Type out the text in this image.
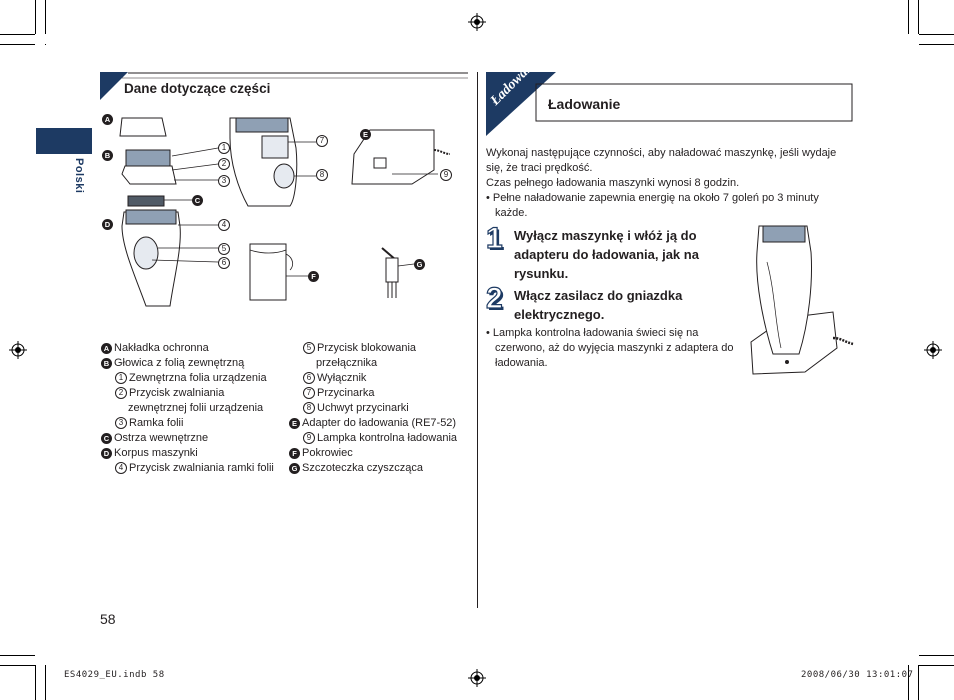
Polski
Dane dotyczące części
A
B
C
D
E
F
G
1
2
3
4
5
6
7
8	9
A Nakładka ochronna
B Głowica z folią zewnętrzną
1 Zewnętrzna folia urządzenia
2 Przycisk zwalniania
zewnętrznej folii urządzenia
3 Ramka folii
C Ostrza wewnętrzne
D Korpus maszynki
4 Przycisk zwalniania ramki folii
5 Przycisk blokowania
przełącznika
6 Wyłącznik
7 Przycinarka
8 Uchwyt przycinarki
E Adapter do ładowania (RE7-52)
9 Lampka kontrolna ładowania
F Pokrowiec
G Szczoteczka czyszcząca
Ładowanie Ładowanie
Wykonaj następujące czynności, aby naładować maszynkę, jeśli wydaje
się, że traci prędkość.
Czas pełnego ładowania maszynki wynosi 8 godzin.
• Pełne naładowanie zapewnia energię na około 7 goleń po 3 minuty
każde.
1 Wyłącz maszynkę i włóż ją do
adapteru do ładowania, jak na
rysunku.
2 Włącz zasilacz do gniazdka
elektrycznego.
• Lampka kontrolna ładowania świeci się na
czerwono, aż do wyjęcia maszynki z adaptera do
ładowania.
58
ES4029_EU.indb 58	2008/06/30 13:01:07
